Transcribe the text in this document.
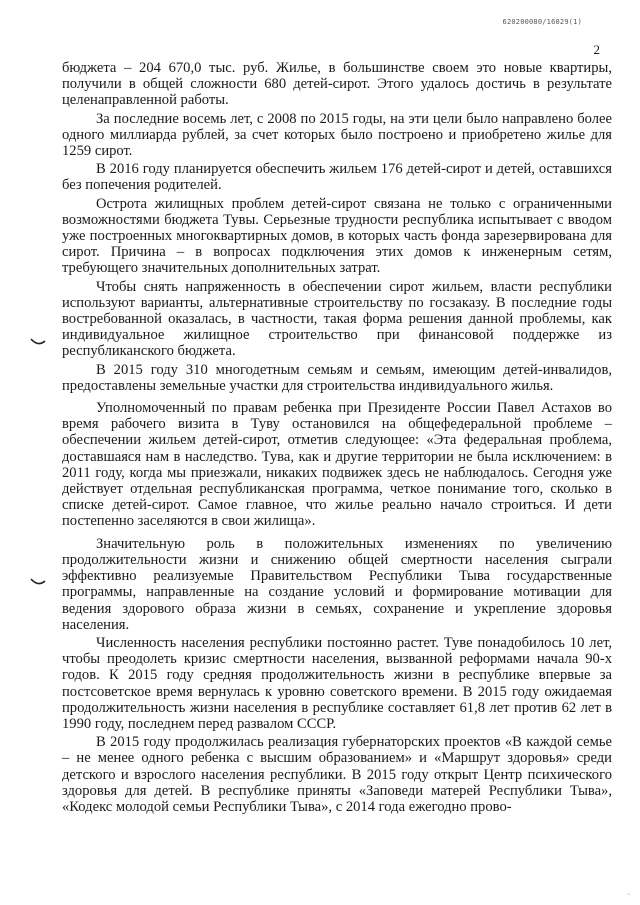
620200080/16029(1)
2

бюджета – 204 670,0 тыс. руб. Жилье, в большинстве своем это новые квартиры, получили в общей сложности 680 детей-сирот. Этого удалось достичь в результате целенаправленной работы.

За последние восемь лет, с 2008 по 2015 годы, на эти цели было направлено более одного миллиарда рублей, за счет которых было построено и приобретено жилье для 1259 сирот.

В 2016 году планируется обеспечить жильем 176 детей-сирот и детей, оставшихся без попечения родителей.

Острота жилищных проблем детей-сирот связана не только с ограниченными возможностями бюджета Тувы. Серьезные трудности республика испытывает с вводом уже построенных многоквартирных домов, в которых часть фонда зарезервирована для сирот. Причина – в вопросах подключения этих домов к инженерным сетям, требующего значительных дополнительных затрат.

Чтобы снять напряженность в обеспечении сирот жильем, власти республики используют варианты, альтернативные строительству по госзаказу. В последние годы востребованной оказалась, в частности, такая форма решения данной проблемы, как индивидуальное жилищное строительство при финансовой поддержке из республиканского бюджета.

В 2015 году 310 многодетным семьям и семьям, имеющим детей-инвалидов, предоставлены земельные участки для строительства индивидуального жилья.

Уполномоченный по правам ребенка при Президенте России Павел Астахов во время рабочего визита в Туву остановился на общефедеральной проблеме – обеспечении жильем детей-сирот, отметив следующее: «Эта федеральная проблема, доставшаяся нам в наследство. Тува, как и другие территории не была исключением: в 2011 году, когда мы приезжали, никаких подвижек здесь не наблюдалось. Сегодня уже действует отдельная республиканская программа, четкое понимание того, сколько в списке детей-сирот. Самое главное, что жилье реально начало строиться. И дети постепенно заселяются в свои жилища».

Значительную роль в положительных изменениях по увеличению продолжительности жизни и снижению общей смертности населения сыграли эффективно реализуемые Правительством Республики Тыва государственные программы, направленные на создание условий и формирование мотивации для ведения здорового образа жизни в семьях, сохранение и укрепление здоровья населения.

Численность населения республики постоянно растет. Туве понадобилось 10 лет, чтобы преодолеть кризис смертности населения, вызванной реформами начала 90-х годов. К 2015 году средняя продолжительность жизни в республике впервые за постсоветское время вернулась к уровню советского времени. В 2015 году ожидаемая продолжительность жизни населения в республике составляет 61,8 лет против 62 лет в 1990 году, последнем перед развалом СССР.

В 2015 году продолжилась реализация губернаторских проектов «В каждой семье – не менее одного ребенка с высшим образованием» и «Маршрут здоровья» среди детского и взрослого населения республики. В 2015 году открыт Центр психического здоровья для детей. В республике приняты «Заповеди матерей Республики Тыва», «Кодекс молодой семьи Республики Тыва», с 2014 года ежегодно прово-

ˏ
